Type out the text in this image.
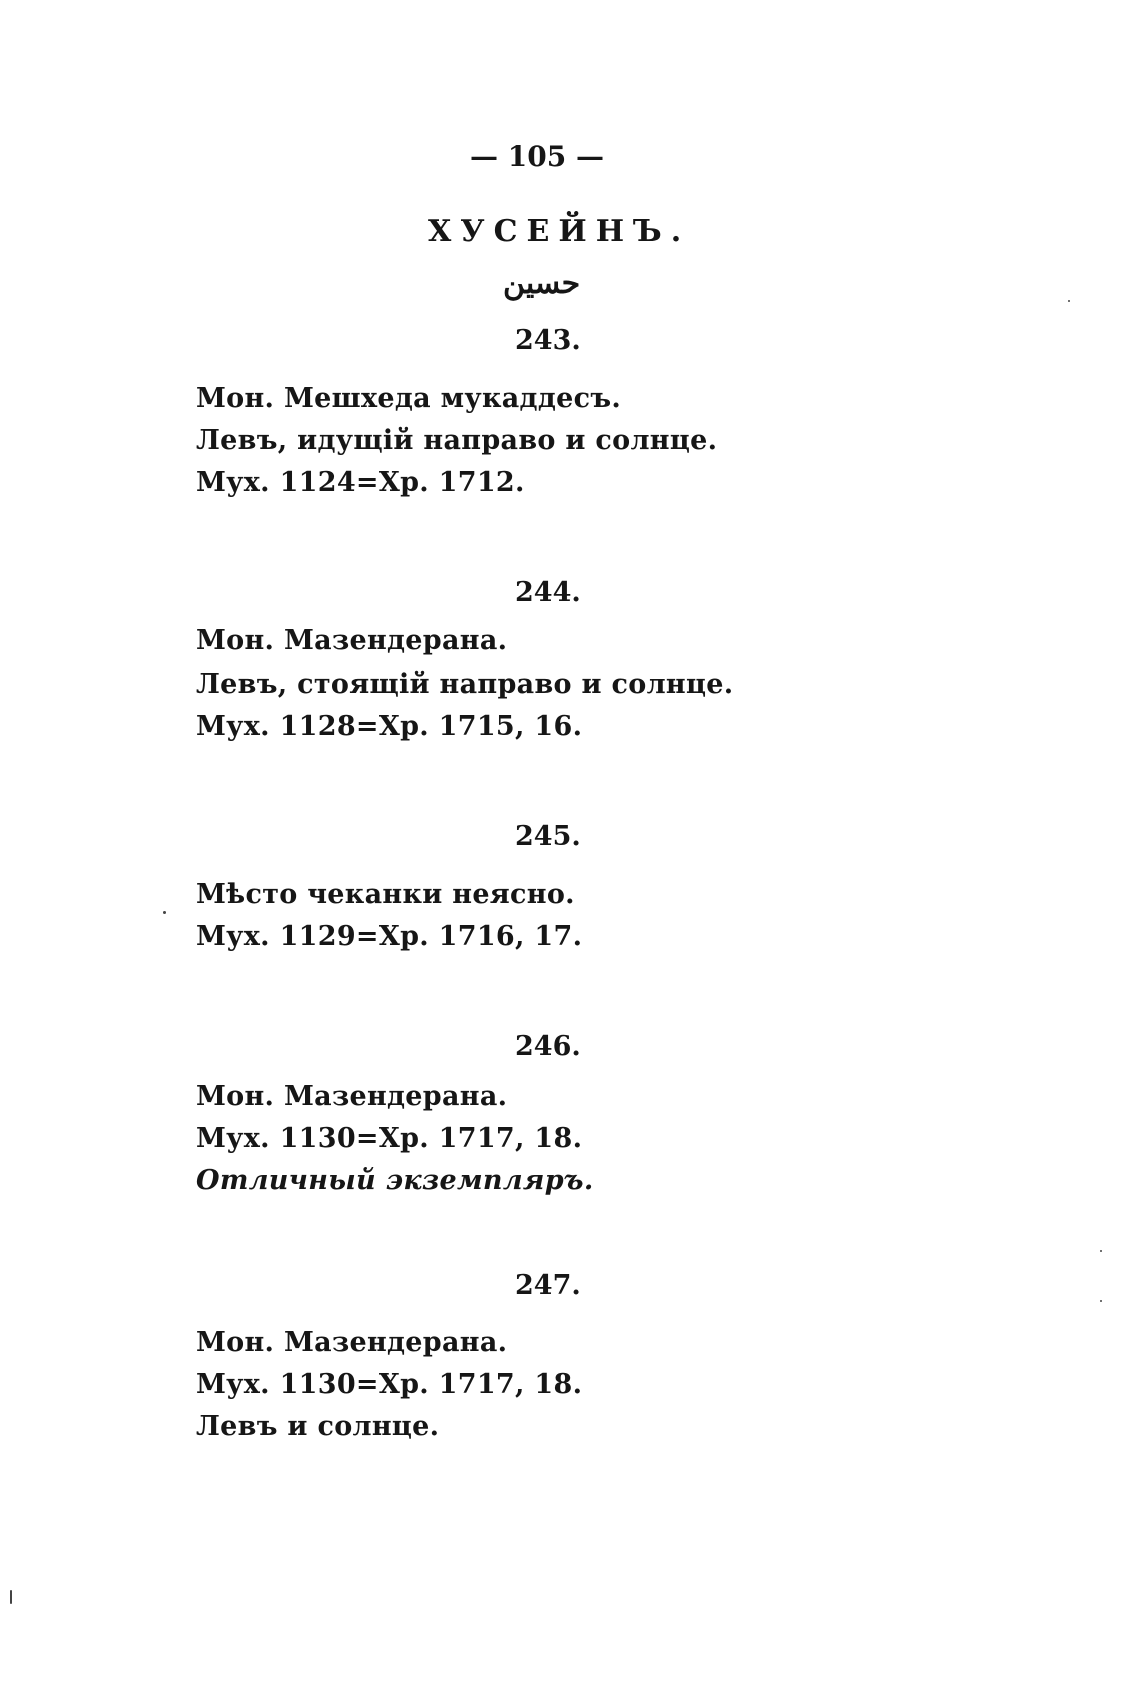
— 105 —
ХУСЕЙНЪ.
حسين
243.
Мон. Мешхеда мукаддесъ.
Левъ, идущій направо и солнце.
Мух. 1124=Хр. 1712.
244.
Мон. Мазендерана.
Левъ, стоящій направо и солнце.
Мух. 1128=Хр. 1715, 16.
245.
Мѣсто чеканки неясно.
Мух. 1129=Хр. 1716, 17.
246.
Мон. Мазендерана.
Мух. 1130=Хр. 1717, 18.
Отличный экземпляръ.
247.
Мон. Мазендерана.
Мух. 1130=Хр. 1717, 18.
Левъ и солнце.
